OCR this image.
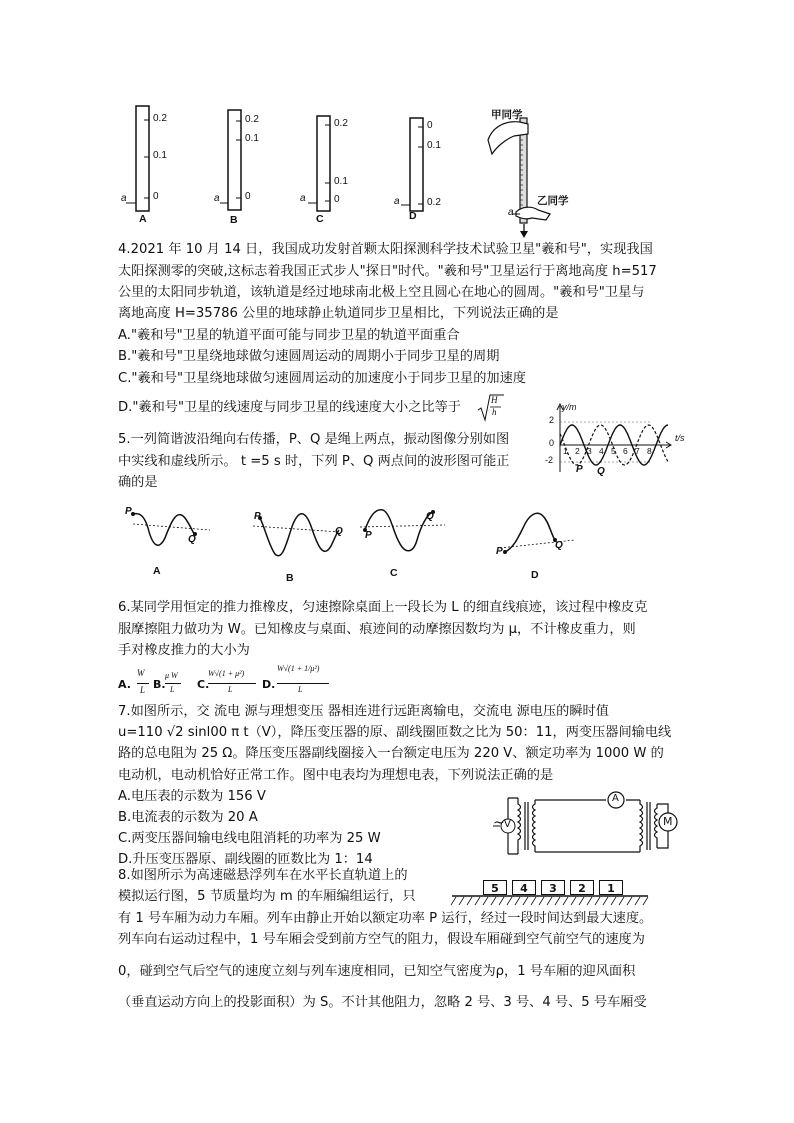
0.2
0.1
0
a
A
0.2
0.1
0
a
B
0.2
0.1
0
a
C
0
0.1
0.2
a
D
甲同学
乙同学
a
4.2021 年 10 月 14 日，我国成功发射首颗太阳探测科学技术试验卫星"羲和号"，实现我国
太阳探测零的突破,这标志着我国正式步人"探日"时代。"羲和号"卫星运行于离地高度 h=517
公里的太阳同步轨道，该轨道是经过地球南北极上空且圆心在地心的圆周。"羲和号"卫星与
离地高度 H=35786 公里的地球静止轨道同步卫星相比，下列说法正确的是
A."羲和号"卫星的轨道平面可能与同步卫星的轨道平面重合
B."羲和号"卫星绕地球做匀速圆周运动的周期小于同步卫星的周期
C."羲和号"卫星绕地球做匀速圆周运动的加速度小于同步卫星的加速度
D."羲和号"卫星的线速度与同步卫星的线速度大小之比等于	H
h	y/m
t/s
2
0
-2
1 2 3 4 5 6 7 8
P Q
5.一列简谐波沿绳向右传播，P、Q 是绳上两点，振动图像分别如图
中实线和虚线所示。 t =5 s 时，下列 P、Q 两点间的波形图可能正
确的是
P
Q
P
Q P
Q
P
Q
A
B	C	D
6.某同学用恒定的推力推橡皮，匀速擦除桌面上一段长为 L 的细直线痕迹，该过程中橡皮克
服摩擦阻力做功为 W。已知橡皮与桌面、痕迹间的动摩擦因数均为 μ，不计橡皮重力，则
手对橡皮推力的大小为
A.
W
L B.
μ W
L C.
W√(1 + μ²)
L	D.
W√(1 + 1/μ²)
L
7.如图所示，交 流电 源与理想变压 器相连进行远距离输电，交流电 源电压的瞬时值
u=110 √2 sinl00 π t（V），降压变压器的原、副线圈匝数之比为 50：11，两变压器间输电线
路的总电阻为 25 Ω。降压变压器副线圈接入一台额定电压为 220 V、额定功率为 1000 W 的
电动机，电动机恰好正常工作。图中电表均为理想电表，下列说法正确的是
A.电压表的示数为 156 V
B.电流表的示数为 20 A
C.两变压器间输电线电阻消耗的功率为 25 W
D.升压变压器原、副线圈的匝数比为 1：14
~ V
A
M
8.如图所示为高速磁悬浮列车在水平长直轨道上的
模拟运行图，5 节质量均为 m 的车厢编组运行，只
有 1 号车厢为动力车厢。列车由静止开始以额定功率 P 运行，经过一段时间达到最大速度。
列车向右运动过程中，1 号车厢会受到前方空气的阻力，假设车厢碰到空气前空气的速度为
0，碰到空气后空气的速度立刻与列车速度相同，已知空气密度为ρ，1 号车厢的迎风面积
（垂直运动方向上的投影面积）为 S。不计其他阻力，忽略 2 号、3 号、4 号、5 号车厢受
5	4	3	2	1
